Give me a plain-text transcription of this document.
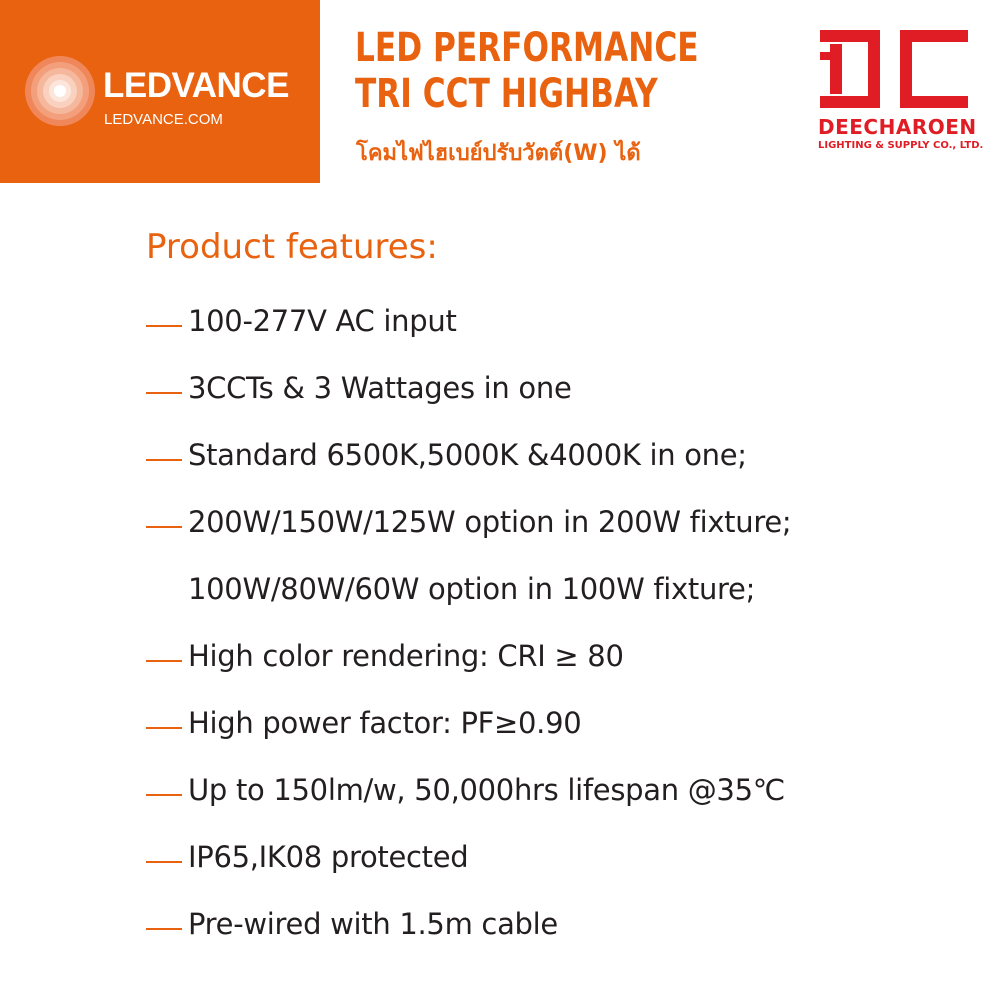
LEDVANCE
LEDVANCE.COM
LED PERFORMANCE
TRI CCT HIGHBAY
โคมไฟไฮเบย์ปรับวัตต์(W) ได้
DEECHAROEN
LIGHTING & SUPPLY CO., LTD.
Product features:
100-277V AC input
3CCTs & 3 Wattages in one
Standard 6500K,5000K &4000K in one;
200W/150W/125W option in 200W fixture;
100W/80W/60W option in 100W fixture;
High color rendering: CRI ≥ 80
High power factor: PF≥0.90
Up to 150lm/w, 50,000hrs lifespan @35℃
IP65,IK08 protected
Pre-wired with 1.5m cable
